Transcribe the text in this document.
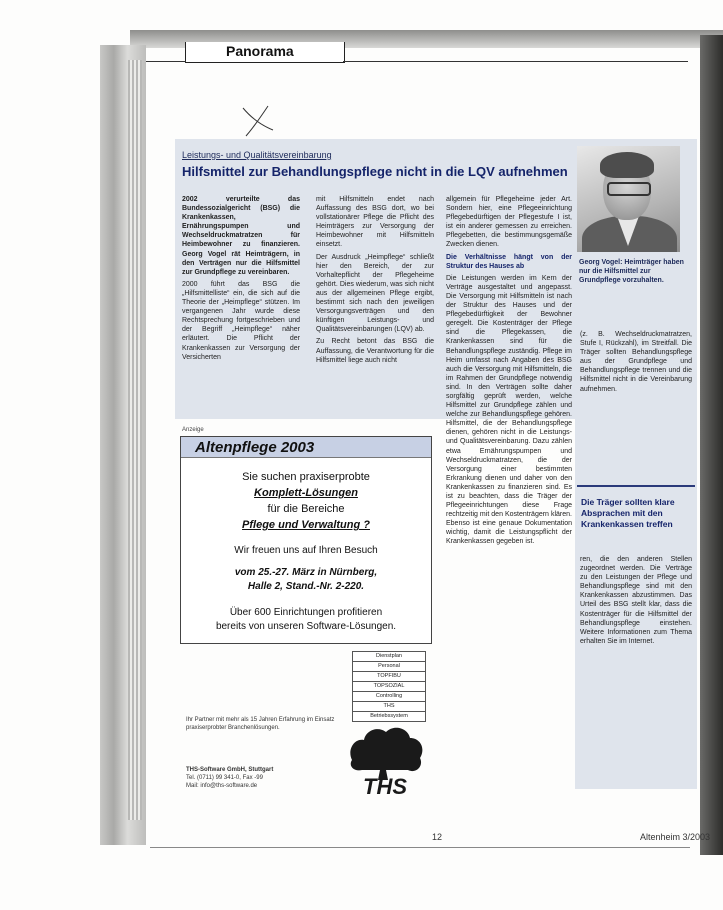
Panorama
Leistungs- und Qualitätsvereinbarung
Hilfsmittel zur Behandlungspflege nicht in die LQV aufnehmen

2002 verurteilte das Bundessozialgericht (BSG) die Krankenkassen, Ernährungspumpen und Wechseldruckmatratzen für Heimbewohner zu finanzieren. Georg Vogel rät Heimträgern, in den Verträgen nur die Hilfsmittel zur Grundpflege zu vereinbaren.

2000 führt das BSG die „Hilfsmittelliste“ ein, die sich auf die Theorie der „Heimpflege“ stützen. Im vergangenen Jahr wurde diese Rechtsprechung fortgeschrieben und der Begriff „Heimpflege“ näher erläutert. Die Pflicht der Krankenkassen zur Versorgung der Versicherten

mit Hilfsmitteln endet nach Auffassung des BSG dort, wo bei vollstationärer Pflege die Pflicht des Heimträgers zur Versorgung der Heimbewohner mit Hilfsmitteln einsetzt.

Der Ausdruck „Heimpflege“ schließt hier den Bereich, der zur Vorhaltepflicht der Pflegeheime gehört. Dies wiederum, was sich nicht aus der allgemeinen Pflege ergibt, bestimmt sich nach den jeweiligen Versorgungsverträgen und den künftigen Leistungs- und Qualitätsvereinbarungen (LQV) ab.

Zu Recht betont das BSG die Auffassung, die Verantwortung für die Hilfsmittel liege auch nicht

allgemein für Pflegeheime jeder Art. Sondern hier, eine Pflegeeinrichtung Pflegebedürftigen der Pflegestufe I ist, ist ein anderer gemessen zu erreichen. Pflegebetten, die bestimmungsgemäße Zwecken dienen.

Die Verhältnisse hängt von der Struktur des Hauses ab

Die Leistungen werden im Kern der Verträge ausgestaltet und angepasst. Die Versorgung mit Hilfsmitteln ist nach der Struktur des Hauses und der Pflegebedürftigkeit der Bewohner geregelt. Die Kostenträger der Pflege sind die Pflegekassen, die Krankenkassen sind für die Behandlungspflege zuständig. Pflege im Heim umfasst nach Angaben des BSG auch die Versorgung mit Hilfsmitteln, die im Rahmen der Grundpflege notwendig sind. In den Verträgen sollte daher sorgfältig geprüft werden, welche Hilfsmittel zur Grundpflege zählen und welche zur Behandlungspflege gehören. Hilfsmittel, die der Behandlungspflege dienen, gehören nicht in die Leistungs- und Qualitätsvereinbarung. Dazu zählen etwa Ernährungspumpen und Wechseldruckmatratzen, die der Versorgung einer bestimmten Erkrankung dienen und daher von den Krankenkassen zu finanzieren sind. Es ist zu beachten, dass die Träger der Pflegeeinrichtungen diese Frage rechtzeitig mit den Kostenträgern klären. Ebenso ist eine genaue Dokumentation wichtig, damit die Leistungspflicht der Krankenkassen gegeben ist.

Georg Vogel: Heimträger haben nur die Hilfsmittel zur Grundpflege vorzuhalten.

(z. B. Wechseldruckmatratzen, Stufe I, Rückzahl), im Streitfall. Die Träger sollten Behandlungspflege aus der Grundpflege und Behandlungspflege trennen und die Hilfsmittel nicht in die Vereinbarung aufnehmen.

Die Träger sollten klare Absprachen mit den Krankenkassen treffen

ren, die den anderen Stellen zugeordnet werden. Die Verträge zu den Leistungen der Pflege und Behandlungspflege sind mit den Krankenkassen abzustimmen. Das Urteil des BSG stellt klar, dass die Kostenträger für die Hilfsmittel der Behandlungspflege einstehen. Weitere Informationen zum Thema erhalten Sie im Internet.

Anzeige
Altenpflege 2003
Sie suchen praxiserprobte
Komplett-Lösungen
für die Bereiche
Pflege und Verwaltung ?
Wir freuen uns auf Ihren Besuch
vom 25.-27. März in Nürnberg,
Halle 2, Stand.-Nr. 2-220.
Über 600 Einrichtungen profitieren
bereits von unseren Software-Lösungen.
Dienstplan
Personal
TOPFIBU
TOPSOZIAL
Controlling
THS
Betriebssystem
Ihr Partner mit mehr als 15 Jahren Erfahrung im Einsatz praxiserprobter Branchenlösungen.
THS-Software GmbH, Stuttgart
Tel. (0711) 99 341-0, Fax -99
Mail: info@ths-software.de	THS
12	Altenheim 3/2003
